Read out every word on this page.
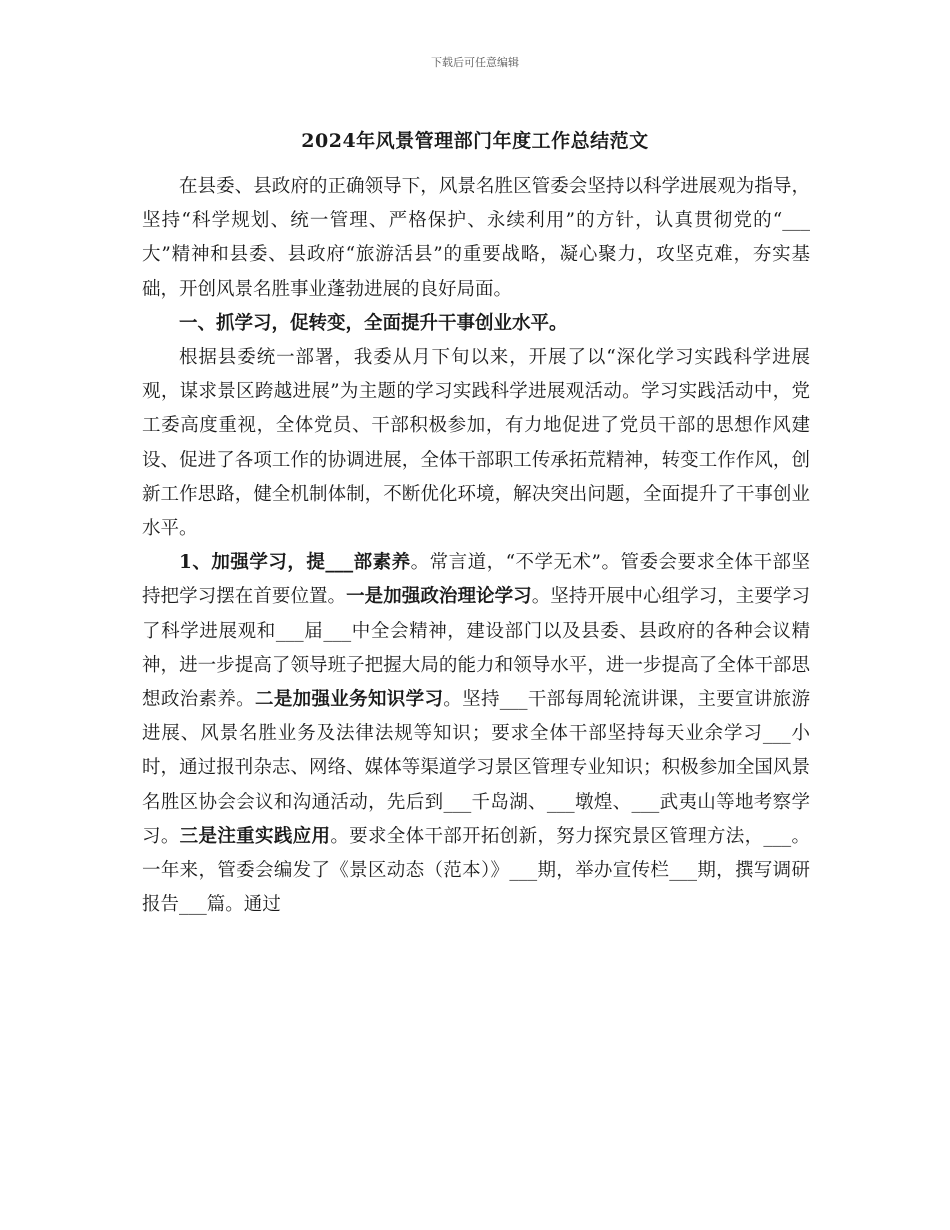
下载后可任意编辑
2024年风景管理部门年度工作总结范文

在县委、县政府的正确领导下，风景名胜区管委会坚持以科学进展观为指导，坚持“科学规划、统一管理、严格保护、永续利用”的方针，认真贯彻党的“___大”精神和县委、县政府“旅游活县”的重要战略，凝心聚力，攻坚克难，夯实基础，开创风景名胜事业蓬勃进展的良好局面。

一、抓学习，促转变，全面提升干事创业水平。

根据县委统一部署，我委从月下旬以来，开展了以“深化学习实践科学进展观，谋求景区跨越进展”为主题的学习实践科学进展观活动。学习实践活动中，党工委高度重视，全体党员、干部积极参加，有力地促进了党员干部的思想作风建设、促进了各项工作的协调进展，全体干部职工传承拓荒精神，转变工作作风，创新工作思路，健全机制体制，不断优化环境，解决突出问题，全面提升了干事创业水平。

1、加强学习，提___部素养。常言道，“不学无术”。管委会要求全体干部坚持把学习摆在首要位置。一是加强政治理论学习。坚持开展中心组学习，主要学习了科学进展观和___届___中全会精神，建设部门以及县委、县政府的各种会议精神，进一步提高了领导班子把握大局的能力和领导水平，进一步提高了全体干部思想政治素养。二是加强业务知识学习。坚持___干部每周轮流讲课，主要宣讲旅游进展、风景名胜业务及法律法规等知识；要求全体干部坚持每天业余学习___小时，通过报刊杂志、网络、媒体等渠道学习景区管理专业知识；积极参加全国风景名胜区协会会议和沟通活动，先后到___千岛湖、___墩煌、___武夷山等地考察学习。三是注重实践应用。要求全体干部开拓创新，努力探究景区管理方法，___。一年来，管委会编发了《景区动态（范本）》___期，举办宣传栏___期，撰写调研报告___篇。通过
